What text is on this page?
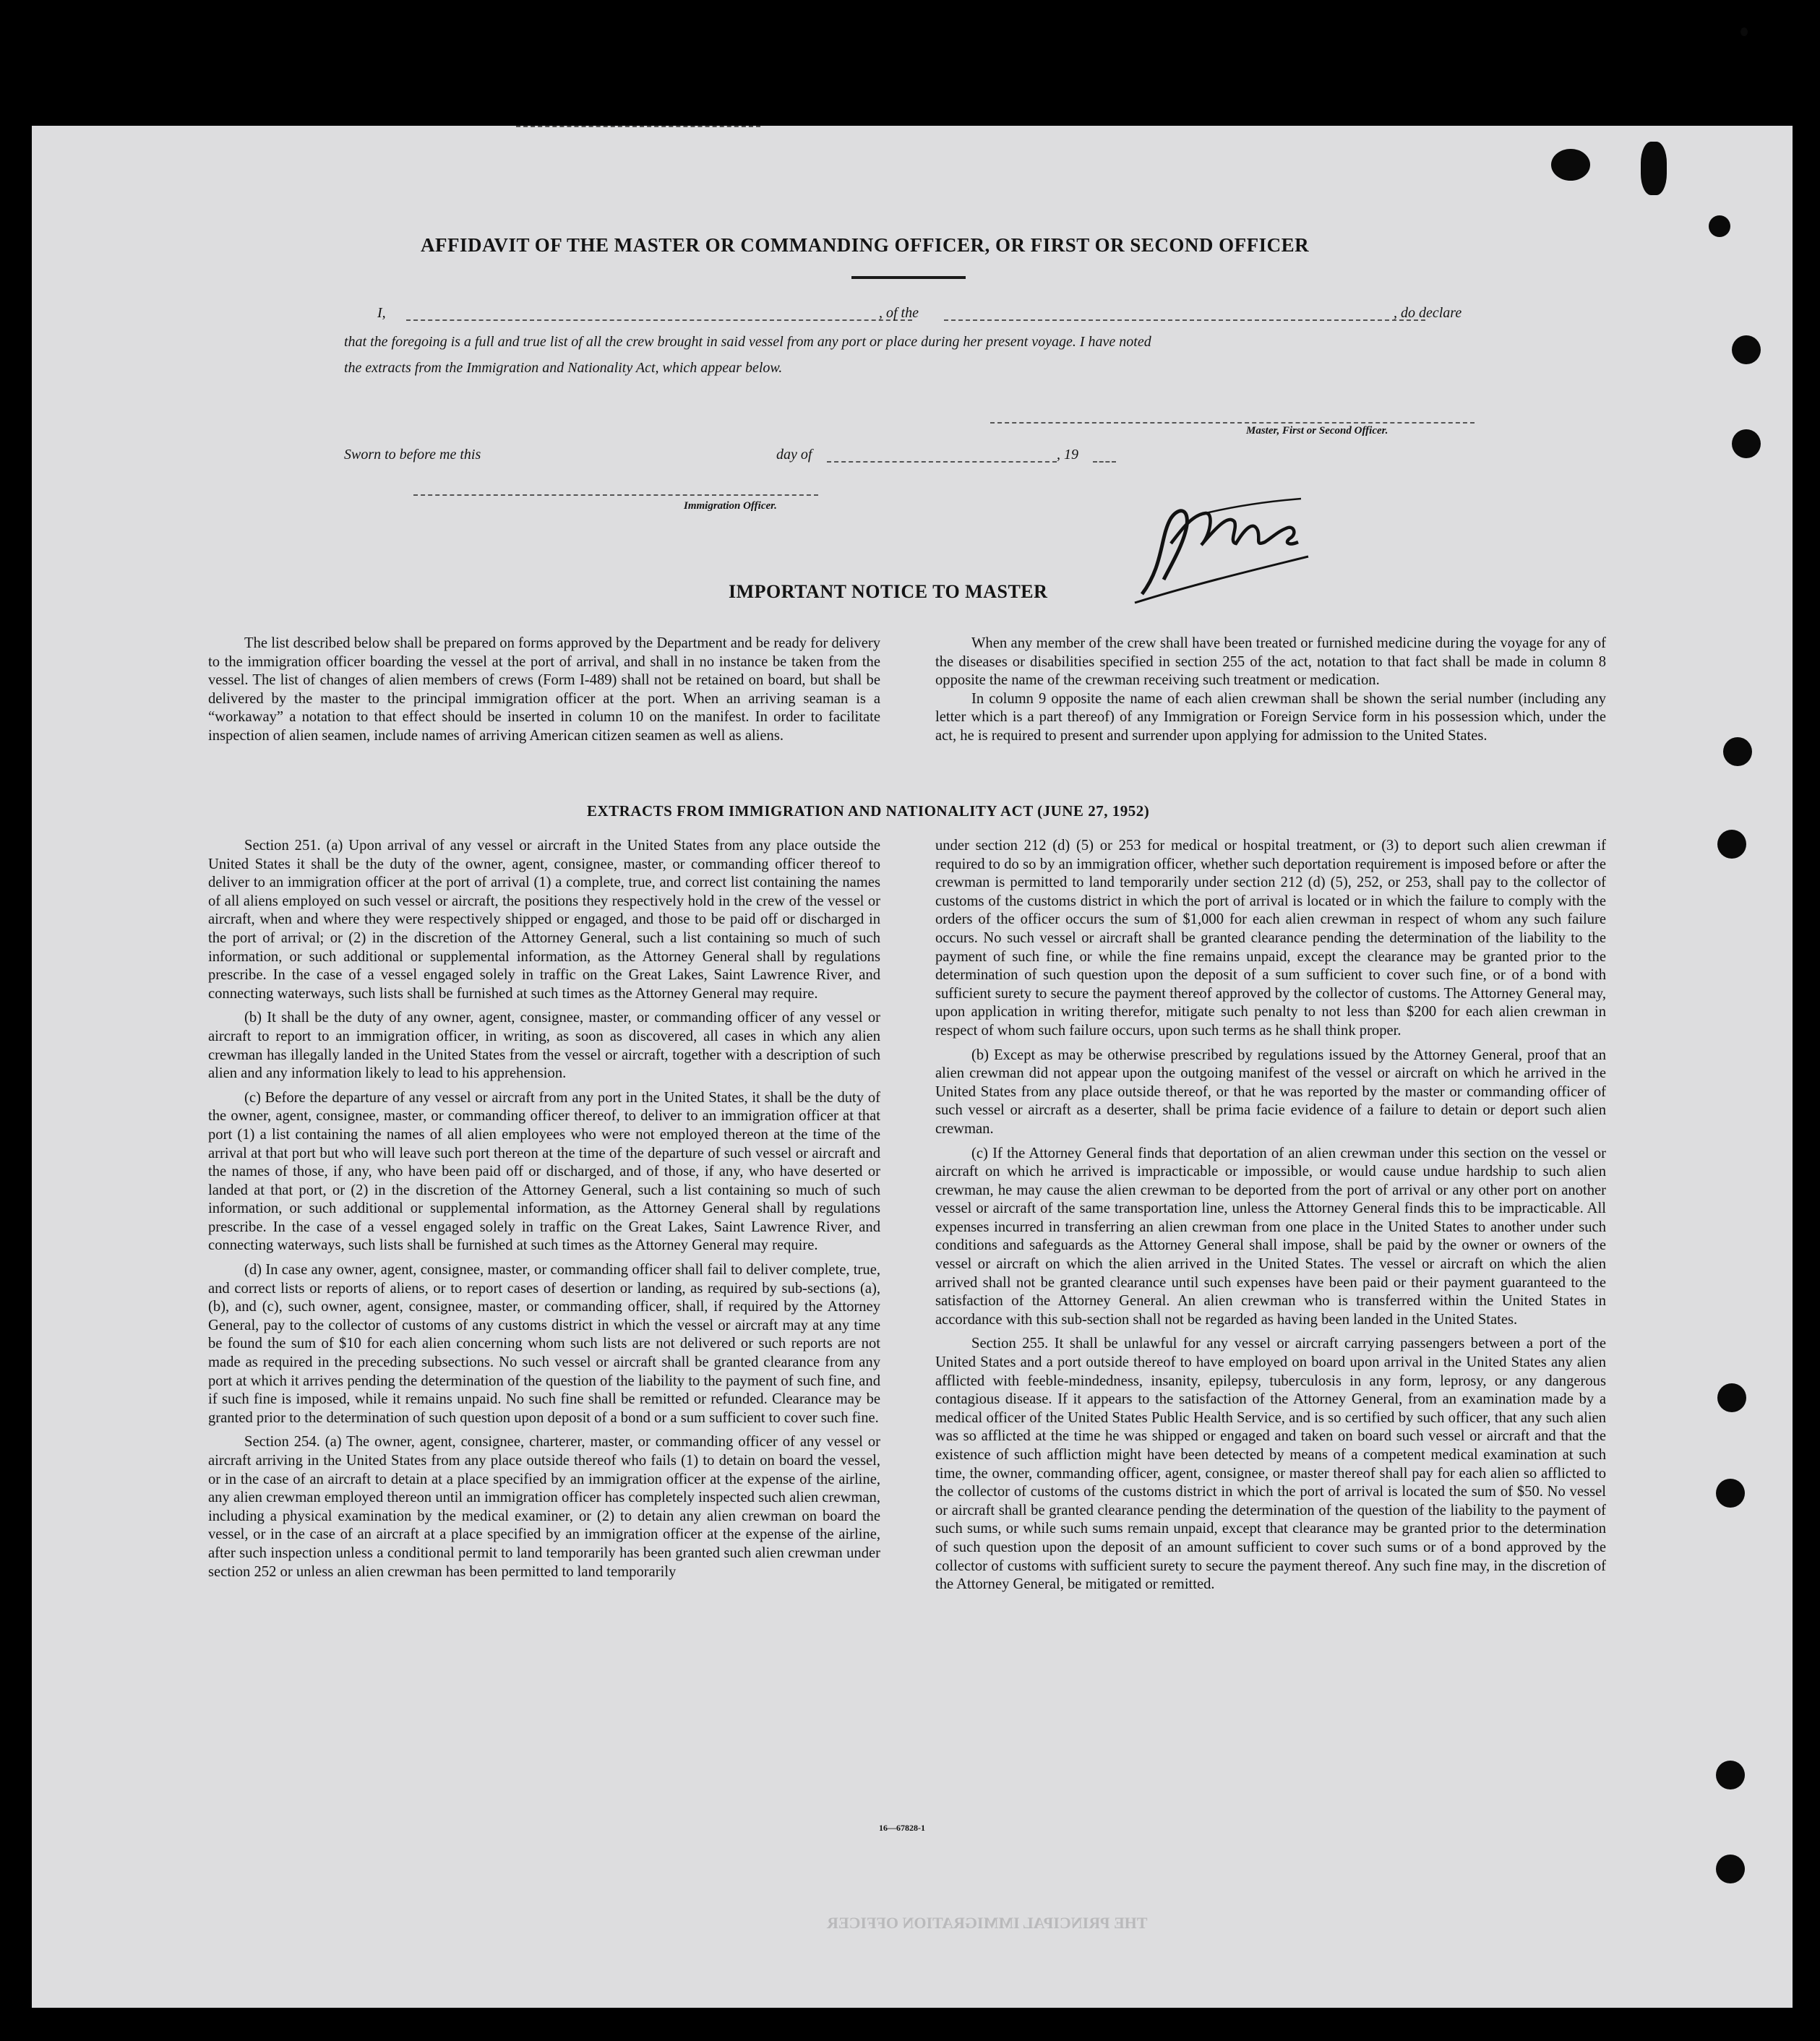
AFFIDAVIT OF THE MASTER OR COMMANDING OFFICER, OR FIRST OR SECOND OFFICER
I,	, of the	, do declare
that the foregoing is a full and true list of all the crew brought in said vessel from any port or place during her present voyage. I have noted
the extracts from the Immigration and Nationality Act, which appear below.
Master, First or Second Officer.
Sworn to before me this	day of	, 19
Immigration Officer.
IMPORTANT NOTICE TO MASTER

The list described below shall be prepared on forms approved by the Department and be ready for delivery to the immigration officer boarding the vessel at the port of arrival, and shall in no instance be taken from the vessel. The list of changes of alien members of crews (Form I-489) shall not be retained on board, but shall be delivered by the master to the principal immigration officer at the port. When an arriving seaman is a “workaway” a notation to that effect should be inserted in column 10 on the manifest. In order to facilitate inspection of alien seamen, include names of arriving American citizen seamen as well as aliens.

When any member of the crew shall have been treated or furnished medicine during the voyage for any of the diseases or disabilities specified in section 255 of the act, notation to that fact shall be made in column 8 opposite the name of the crewman receiving such treatment or medication.

In column 9 opposite the name of each alien crewman shall be shown the serial number (including any letter which is a part thereof) of any Immigration or Foreign Service form in his possession which, under the act, he is required to present and surrender upon applying for admission to the United States.

EXTRACTS FROM IMMIGRATION AND NATIONALITY ACT (JUNE 27, 1952)

Section 251. (a) Upon arrival of any vessel or aircraft in the United States from any place outside the United States it shall be the duty of the owner, agent, consignee, master, or commanding officer thereof to deliver to an immigration officer at the port of arrival (1) a complete, true, and correct list containing the names of all aliens employed on such vessel or aircraft, the positions they respectively hold in the crew of the vessel or aircraft, when and where they were respectively shipped or engaged, and those to be paid off or discharged in the port of arrival; or (2) in the discretion of the Attorney General, such a list containing so much of such information, or such additional or supplemental information, as the Attorney General shall by regulations prescribe. In the case of a vessel engaged solely in traffic on the Great Lakes, Saint Lawrence River, and connecting waterways, such lists shall be furnished at such times as the Attorney General may require.

(b) It shall be the duty of any owner, agent, consignee, master, or commanding officer of any vessel or aircraft to report to an immigration officer, in writing, as soon as discovered, all cases in which any alien crewman has illegally landed in the United States from the vessel or aircraft, together with a description of such alien and any information likely to lead to his apprehension.

(c) Before the departure of any vessel or aircraft from any port in the United States, it shall be the duty of the owner, agent, consignee, master, or commanding officer thereof, to deliver to an immigration officer at that port (1) a list containing the names of all alien employees who were not employed thereon at the time of the arrival at that port but who will leave such port thereon at the time of the departure of such vessel or aircraft and the names of those, if any, who have been paid off or discharged, and of those, if any, who have deserted or landed at that port, or (2) in the discretion of the Attorney General, such a list containing so much of such information, or such additional or supplemental information, as the Attorney General shall by regulations prescribe. In the case of a vessel engaged solely in traffic on the Great Lakes, Saint Lawrence River, and connecting waterways, such lists shall be furnished at such times as the Attorney General may require.

(d) In case any owner, agent, consignee, master, or commanding officer shall fail to deliver complete, true, and correct lists or reports of aliens, or to report cases of desertion or landing, as required by sub-sections (a), (b), and (c), such owner, agent, consignee, master, or commanding officer, shall, if required by the Attorney General, pay to the collector of customs of any customs district in which the vessel or aircraft may at any time be found the sum of $10 for each alien concerning whom such lists are not delivered or such reports are not made as required in the preceding subsections. No such vessel or aircraft shall be granted clearance from any port at which it arrives pending the determination of the question of the liability to the payment of such fine, and if such fine is imposed, while it remains unpaid. No such fine shall be remitted or refunded. Clearance may be granted prior to the determination of such question upon deposit of a bond or a sum sufficient to cover such fine.

Section 254. (a) The owner, agent, consignee, charterer, master, or commanding officer of any vessel or aircraft arriving in the United States from any place outside thereof who fails (1) to detain on board the vessel, or in the case of an aircraft to detain at a place specified by an immigration officer at the expense of the airline, any alien crewman employed thereon until an immigration officer has completely inspected such alien crewman, including a physical examination by the medical examiner, or (2) to detain any alien crewman on board the vessel, or in the case of an aircraft at a place specified by an immigration officer at the expense of the airline, after such inspection unless a conditional permit to land temporarily has been granted such alien crewman under section 252 or unless an alien crewman has been permitted to land temporarily

under section 212 (d) (5) or 253 for medical or hospital treatment, or (3) to deport such alien crewman if required to do so by an immigration officer, whether such deportation requirement is imposed before or after the crewman is permitted to land temporarily under section 212 (d) (5), 252, or 253, shall pay to the collector of customs of the customs district in which the port of arrival is located or in which the failure to comply with the orders of the officer occurs the sum of $1,000 for each alien crewman in respect of whom any such failure occurs. No such vessel or aircraft shall be granted clearance pending the determination of the liability to the payment of such fine, or while the fine remains unpaid, except the clearance may be granted prior to the determination of such question upon the deposit of a sum sufficient to cover such fine, or of a bond with sufficient surety to secure the payment thereof approved by the collector of customs. The Attorney General may, upon application in writing therefor, mitigate such penalty to not less than $200 for each alien crewman in respect of whom such failure occurs, upon such terms as he shall think proper.

(b) Except as may be otherwise prescribed by regulations issued by the Attorney General, proof that an alien crewman did not appear upon the outgoing manifest of the vessel or aircraft on which he arrived in the United States from any place outside thereof, or that he was reported by the master or commanding officer of such vessel or aircraft as a deserter, shall be prima facie evidence of a failure to detain or deport such alien crewman.

(c) If the Attorney General finds that deportation of an alien crewman under this section on the vessel or aircraft on which he arrived is impracticable or impossible, or would cause undue hardship to such alien crewman, he may cause the alien crewman to be deported from the port of arrival or any other port on another vessel or aircraft of the same transportation line, unless the Attorney General finds this to be impracticable. All expenses incurred in transferring an alien crewman from one place in the United States to another under such conditions and safeguards as the Attorney General shall impose, shall be paid by the owner or owners of the vessel or aircraft on which the alien arrived in the United States. The vessel or aircraft on which the alien arrived shall not be granted clearance until such expenses have been paid or their payment guaranteed to the satisfaction of the Attorney General. An alien crewman who is transferred within the United States in accordance with this sub-section shall not be regarded as having been landed in the United States.

Section 255. It shall be unlawful for any vessel or aircraft carrying passengers between a port of the United States and a port outside thereof to have employed on board upon arrival in the United States any alien afflicted with feeble-mindedness, insanity, epilepsy, tuberculosis in any form, leprosy, or any dangerous contagious disease. If it appears to the satisfaction of the Attorney General, from an examination made by a medical officer of the United States Public Health Service, and is so certified by such officer, that any such alien was so afflicted at the time he was shipped or engaged and taken on board such vessel or aircraft and that the existence of such affliction might have been detected by means of a competent medical examination at such time, the owner, commanding officer, agent, consignee, or master thereof shall pay for each alien so afflicted to the collector of customs of the customs district in which the port of arrival is located the sum of $50. No vessel or aircraft shall be granted clearance pending the determination of the question of the liability to the payment of such sums, or while such sums remain unpaid, except that clearance may be granted prior to the determination of such question upon the deposit of an amount sufficient to cover such sums or of a bond approved by the collector of customs with sufficient surety to secure the payment thereof. Any such fine may, in the discretion of the Attorney General, be mitigated or remitted.

16—67828-1
THE PRINCIPAL IMMIGRATION OFFICER
